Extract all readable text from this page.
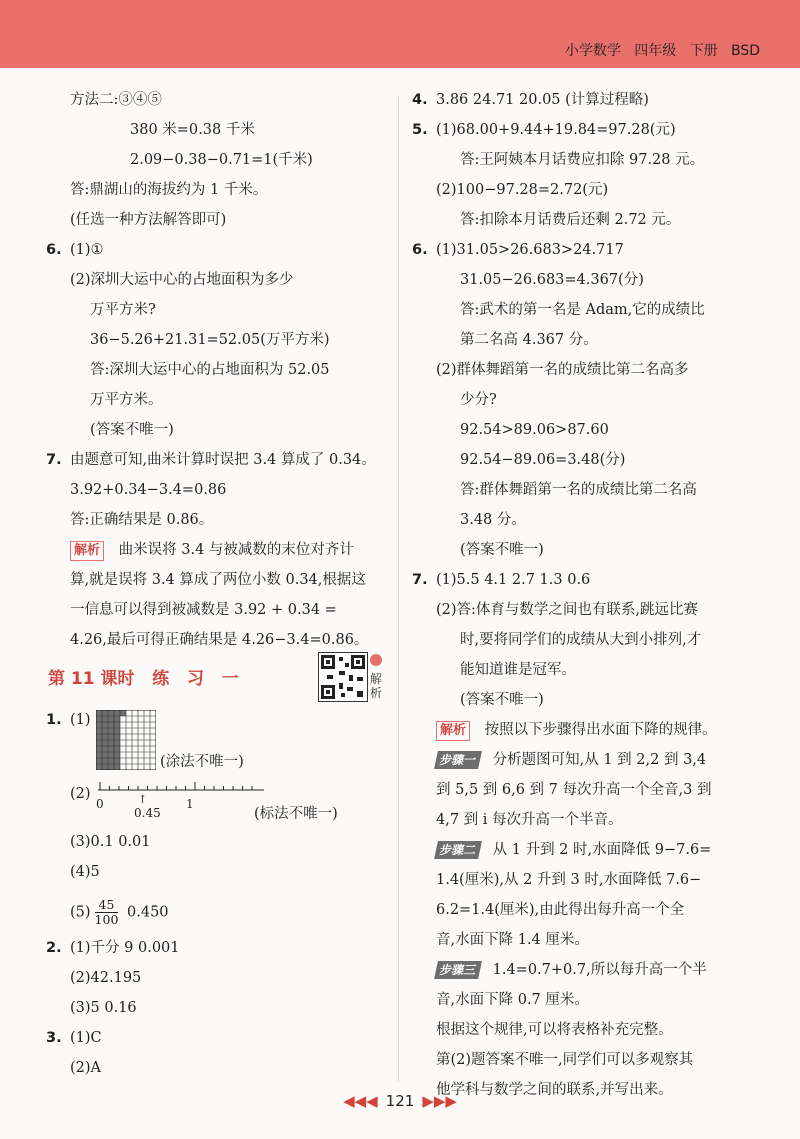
小学数学   四年级   下册   BSD
方法二:③④⑤
380 米=0.38 千米
2.09−0.38−0.71=1(千米)
答:鼎湖山的海拔约为 1 千米。
(任选一种方法解答即可)
6. (1)①
(2)深圳大运中心的占地面积为多少
万平方米?
36−5.26+21.31=52.05(万平方米)
答:深圳大运中心的占地面积为 52.05
万平方米。
(答案不唯一)
7. 由题意可知,曲米计算时误把 3.4 算成了 0.34。
3.92+0.34−3.4=0.86
答:正确结果是 0.86。
解析 曲米误将 3.4 与被减数的末位对齐计
算,就是误将 3.4 算成了两位小数 0.34,根据这
一信息可以得到被减数是 3.92 + 0.34 =
4.26,最后可得正确结果是 4.26−3.4=0.86。
第 11 课时   练   习   一	解析
1. (1)
(涂法不唯一)
(2)
0
0.45
1
↑
(标法不唯一)
(3)0.1 0.01
(4)5
$(5) \frac{45}{100} 0.450$
2. (1)千分 9 0.001
(2)42.195
(3)5 0.16
3. (1)C
(2)A
4. 3.86 24.71 20.05 (计算过程略)
5. (1)68.00+9.44+19.84=97.28(元)
答:王阿姨本月话费应扣除 97.28 元。
(2)100−97.28=2.72(元)
答:扣除本月话费后还剩 2.72 元。
6. (1)31.05>26.683>24.717
31.05−26.683=4.367(分)
答:武术的第一名是 Adam,它的成绩比
第二名高 4.367 分。
(2)群体舞蹈第一名的成绩比第二名高多
少分?
92.54>89.06>87.60
92.54−89.06=3.48(分)
答:群体舞蹈第一名的成绩比第二名高
3.48 分。
(答案不唯一)
7. (1)5.5 4.1 2.7 1.3 0.6
(2)答:体育与数学之间也有联系,跳远比赛
时,要将同学们的成绩从大到小排列,才
能知道谁是冠军。
(答案不唯一)
解析 按照以下步骤得出水面下降的规律。
步骤一 分析题图可知,从 1 到 2,2 到 3,4
到 5,5 到 6,6 到 7 每次升高一个全音,3 到
4,7 到 i 每次升高一个半音。
步骤二 从 1 升到 2 时,水面降低 9−7.6=
1.4(厘米),从 2 升到 3 时,水面降低 7.6−
6.2=1.4(厘米),由此得出每升高一个全
音,水面下降 1.4 厘米。
步骤三 1.4=0.7+0.7,所以每升高一个半
音,水面下降 0.7 厘米。
根据这个规律,可以将表格补充完整。
第(2)题答案不唯一,同学们可以多观察其
他学科与数学之间的联系,并写出来。
◀◀◀ 121 ▶▶▶
